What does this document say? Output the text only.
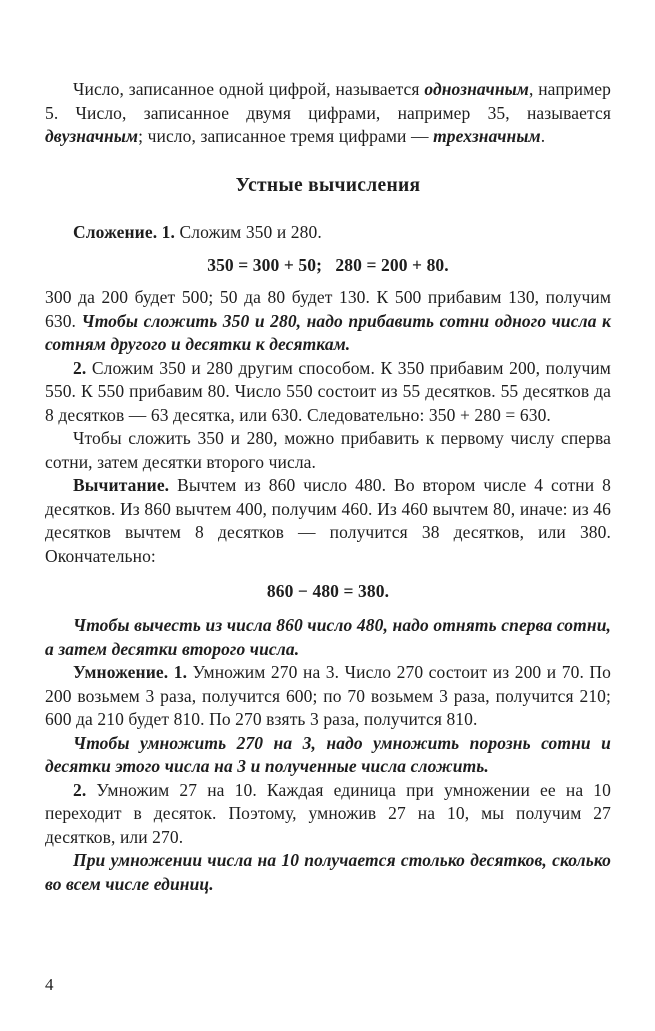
Число, записанное одной цифрой, называется однозначным, например 5. Число, записанное двумя цифрами, например 35, называется двузначным; число, записанное тремя цифрами — трехзначным.

Устные вычисления

Сложение. 1. Сложим 350 и 280.

350 = 300 + 50;   280 = 200 + 80.

300 да 200 будет 500; 50 да 80 будет 130. К 500 прибавим 130, получим 630. Чтобы сложить 350 и 280, надо прибавить сотни одного числа к сотням другого и десятки к десяткам.

2. Сложим 350 и 280 другим способом. К 350 прибавим 200, получим 550. К 550 прибавим 80. Число 550 состоит из 55 десятков. 55 десятков да 8 десятков — 63 десятка, или 630. Следовательно: 350 + 280 = 630.

Чтобы сложить 350 и 280, можно прибавить к первому числу сперва сотни, затем десятки второго числа.

Вычитание. Вычтем из 860 число 480. Во втором числе 4 сотни 8 десятков. Из 860 вычтем 400, получим 460. Из 460 вычтем 80, иначе: из 46 десятков вычтем 8 десятков — получится 38 десятков, или 380. Окончательно:

860 − 480 = 380.

Чтобы вычесть из числа 860 число 480, надо отнять сперва сотни, а затем десятки второго числа.

Умножение. 1. Умножим 270 на 3. Число 270 состоит из 200 и 70. По 200 возьмем 3 раза, получится 600; по 70 возьмем 3 раза, получится 210; 600 да 210 будет 810. По 270 взять 3 раза, получится 810.

Чтобы умножить 270 на 3, надо умножить порознь сотни и десятки этого числа на 3 и полученные числа сложить.

2. Умножим 27 на 10. Каждая единица при умножении ее на 10 переходит в десяток. Поэтому, умножив 27 на 10, мы получим 27 десятков, или 270.

При умножении числа на 10 получается столько десятков, сколько во всем числе единиц.

4
